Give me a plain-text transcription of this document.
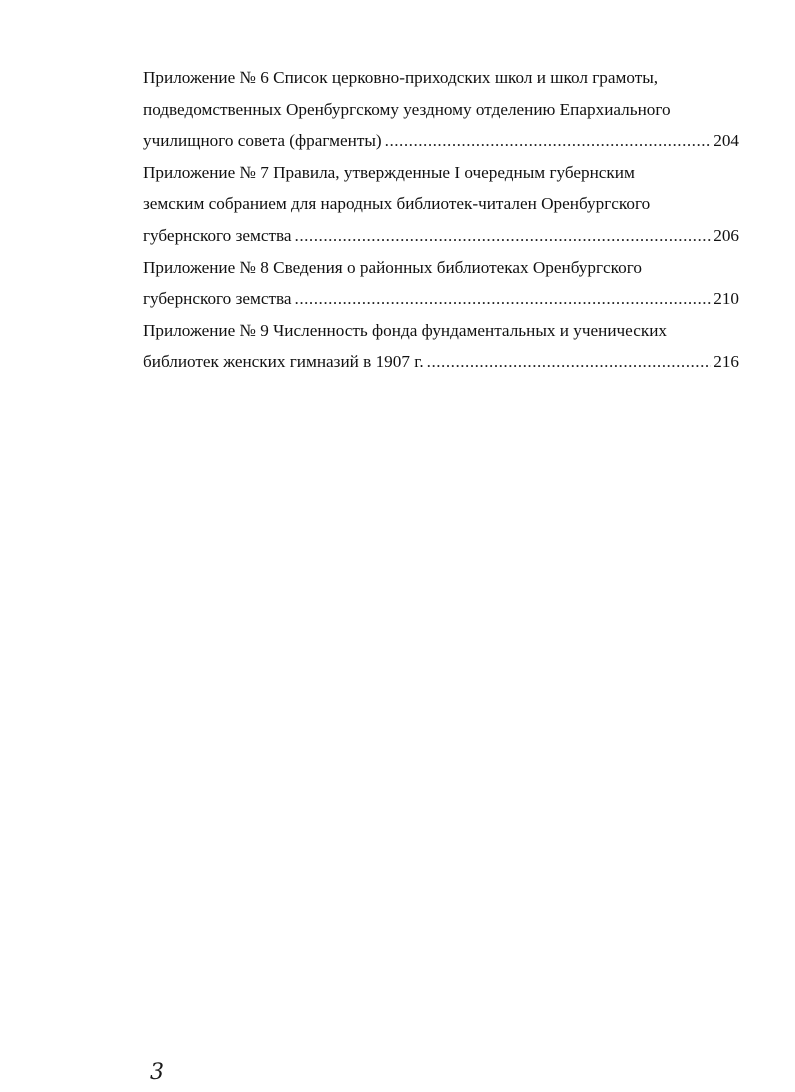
Приложение № 6 Список церковно-приходских школ и школ грамоты,
подведомственных Оренбургскому уездному отделению Епархиального
училищного совета (фрагменты) .....	204
Приложение № 7 Правила, утвержденные I очередным губернским
земским собранием для народных библиотек-читален Оренбургского
губернского земства .....	206
Приложение № 8 Сведения о районных библиотеках Оренбургского
губернского земства .....	210
Приложение № 9 Численность фонда фундаментальных и ученических
библиотек женских гимназий в 1907 г. .....	216
3
